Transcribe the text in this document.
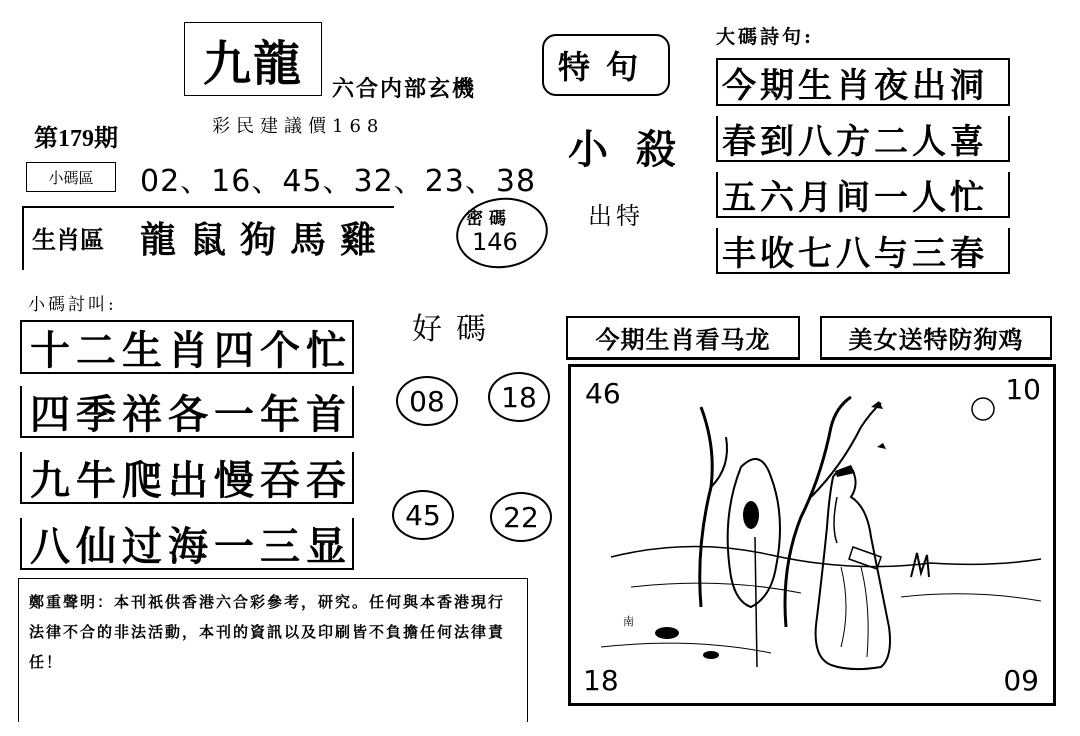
九龍	六合内部玄機
彩民建議價168
第179期
小碼區	02、16、45、32、23、38
生肖區 龍鼠狗馬雞	密碼
146
特句
小殺
出特
大碼詩句:
今期生肖夜出洞
春到八方二人喜
五六月间一人忙
丰收七八与三春
小碼討叫:
十二生肖四个忙
四季祥各一年首
九牛爬出慢吞吞
八仙过海一三显
好碼
08	18
45	22
今期生肖看马龙	美女送特防狗鸡
南
46	10
18	09
鄭重聲明：本刊祇供香港六合彩參考，研究。任何與本香港現行法律不合的非法活動，本刊的資訊以及印刷皆不負擔任何法律責任！
